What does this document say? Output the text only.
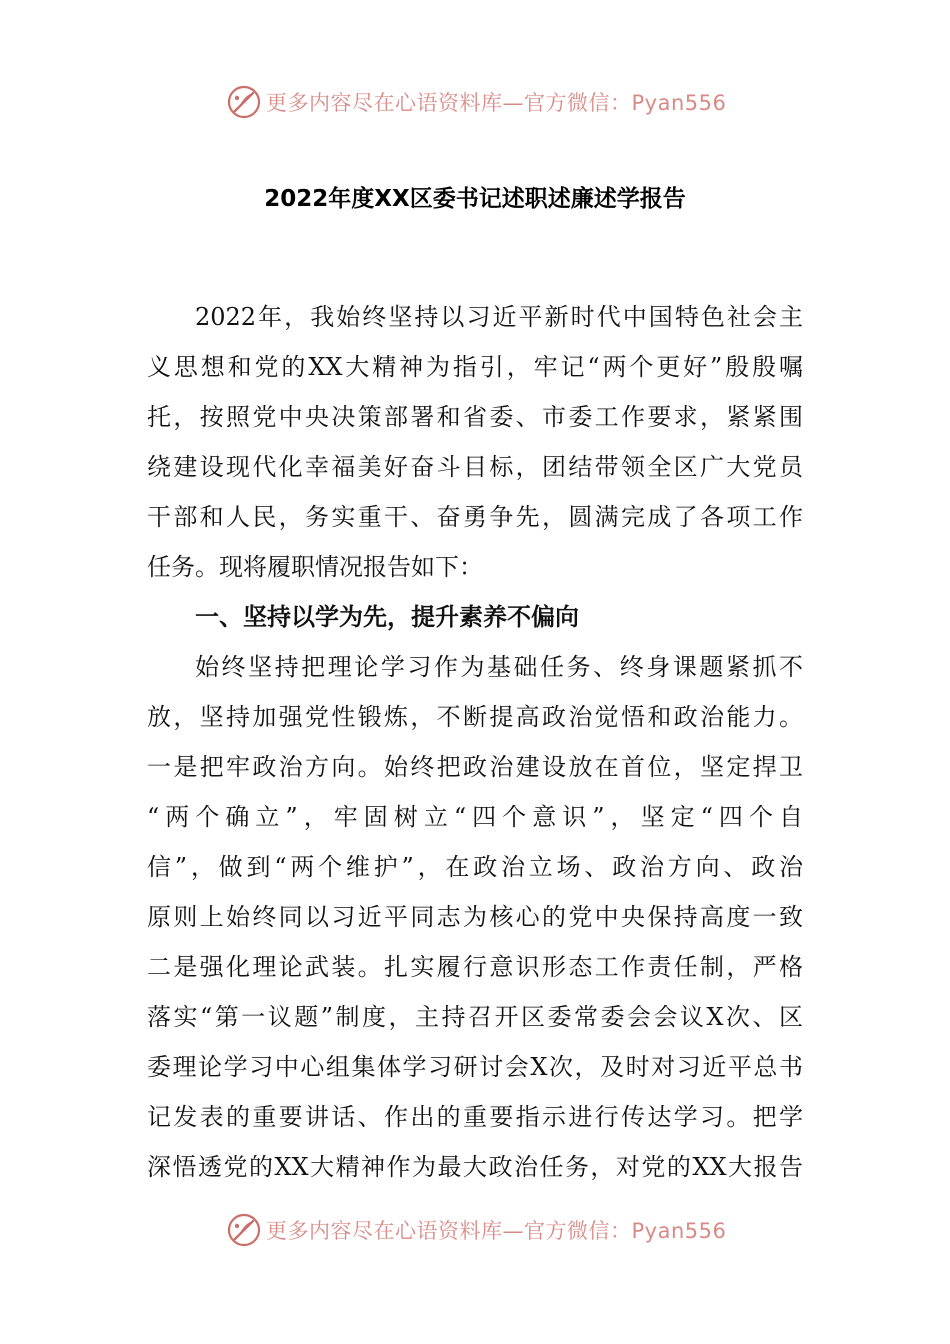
更多内容尽在心语资料库—官方微信：Pyan556
2022年度XX区委书记述职述廉述学报告
2022年，我始终坚持以习近平新时代中国特色社会主
义思想和党的XX大精神为指引，牢记“两个更好”殷殷嘱
托，按照党中央决策部署和省委、市委工作要求，紧紧围
绕建设现代化幸福美好奋斗目标，团结带领全区广大党员
干部和人民，务实重干、奋勇争先，圆满完成了各项工作
任务。现将履职情况报告如下：
一、坚持以学为先，提升素养不偏向
始终坚持把理论学习作为基础任务、终身课题紧抓不
放，坚持加强党性锻炼，不断提高政治觉悟和政治能力。
一是把牢政治方向。始终把政治建设放在首位，坚定捍卫
“两个确立”，牢固树立“四个意识”，坚定“四个自
信”，做到“两个维护”，在政治立场、政治方向、政治
原则上始终同以习近平同志为核心的党中央保持高度一致
二是强化理论武装。扎实履行意识形态工作责任制，严格
落实“第一议题”制度，主持召开区委常委会会议X次、区
委理论学习中心组集体学习研讨会X次，及时对习近平总书
记发表的重要讲话、作出的重要指示进行传达学习。把学
深悟透党的XX大精神作为最大政治任务，对党的XX大报告
更多内容尽在心语资料库—官方微信：Pyan556
